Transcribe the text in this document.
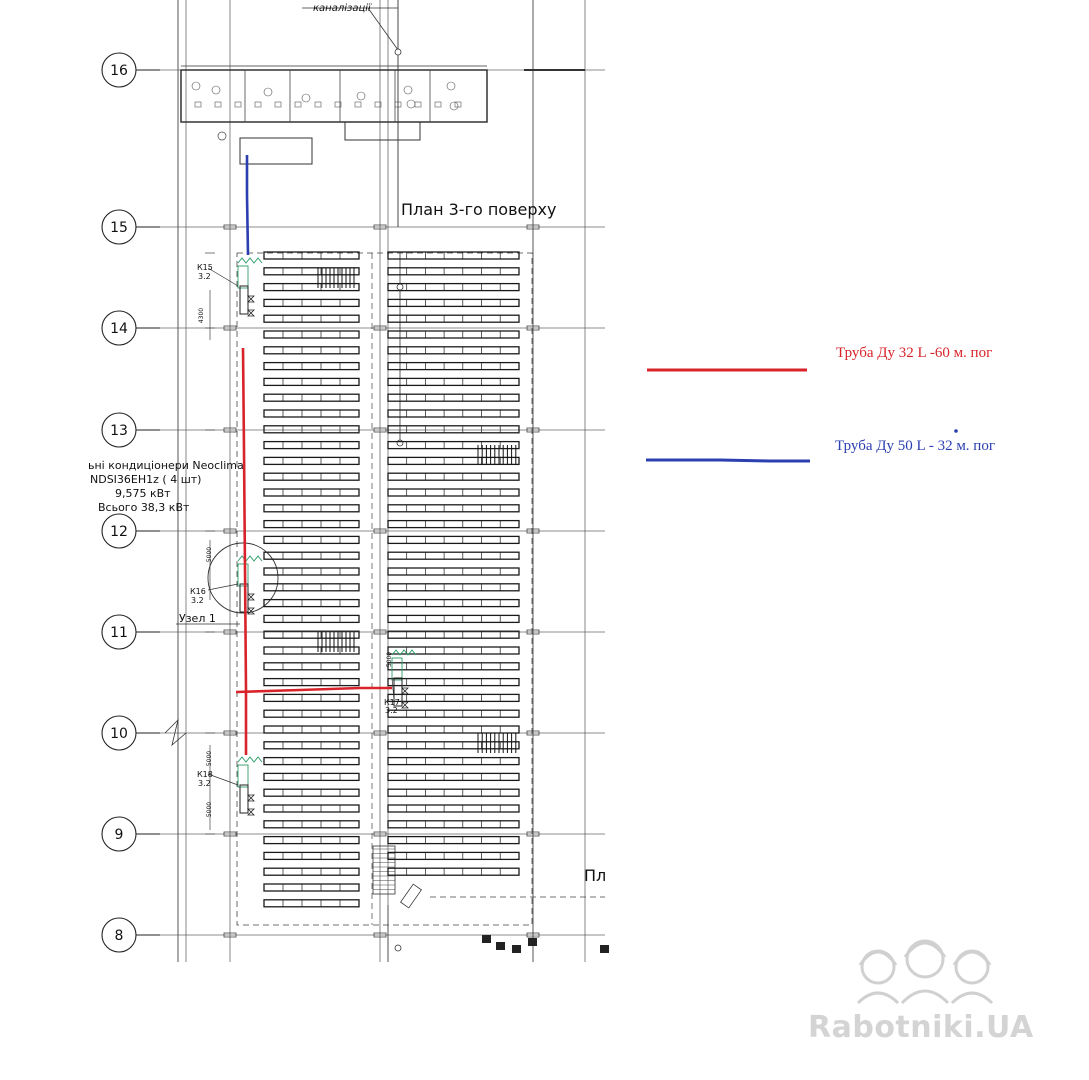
16
15
14
13
12
11
10
9
8
каналізації
План 3-го поверху
Пл
ьні кондиціонери Neoclima
NDSI36EH1z ( 4 шт)
9,575 кВт
Всього 38,3 кВт
Узел 1
К15
3.2
К16
3.2
К17
3.2
К18
3.2
4300
5000
5000
5000
5000
Труба Ду 32 L -60 м. пог
Труба Ду 50 L - 32 м. пог
Rabotniki.UA
